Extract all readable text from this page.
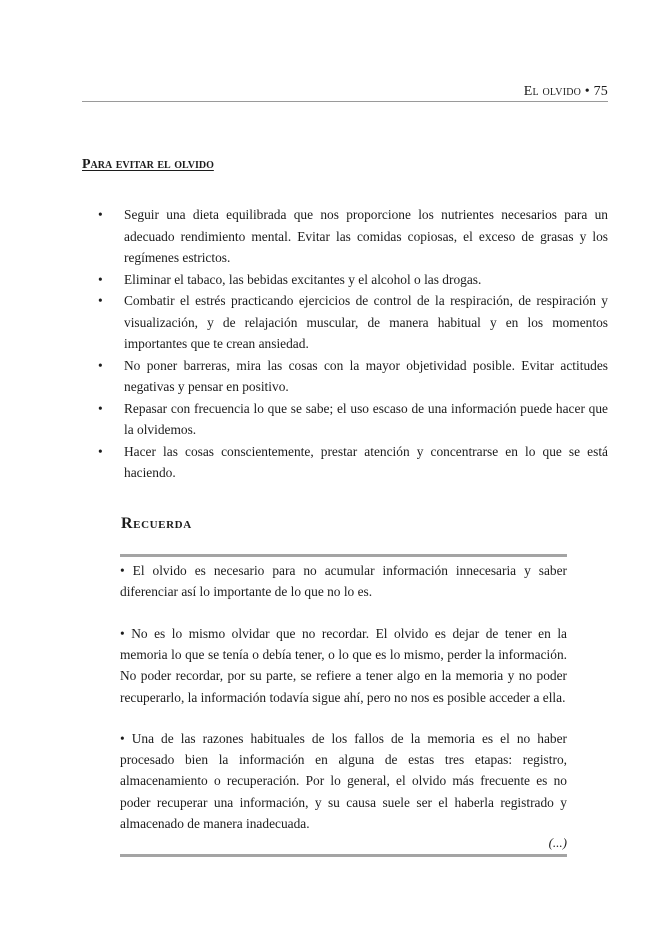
El olvido • 75
Para evitar el olvido
• Seguir una dieta equilibrada que nos proporcione los nutrientes necesarios para un adecuado rendimiento mental. Evitar las comidas copiosas, el exceso de grasas y los regímenes estrictos.
• Eliminar el tabaco, las bebidas excitantes y el alcohol o las drogas.
• Combatir el estrés practicando ejercicios de control de la respiración, de respiración y visualización, y de relajación muscular, de manera habitual y en los momentos importantes que te crean ansiedad.
• No poner barreras, mira las cosas con la mayor objetividad posible. Evitar actitudes negativas y pensar en positivo.
• Repasar con frecuencia lo que se sabe; el uso escaso de una información puede hacer que la olvidemos.
• Hacer las cosas conscientemente, prestar atención y concentrarse en lo que se está haciendo.
Recuerda
• El olvido es necesario para no acumular información innecesaria y saber diferenciar así lo importante de lo que no lo es.
• No es lo mismo olvidar que no recordar. El olvido es dejar de tener en la memoria lo que se tenía o debía tener, o lo que es lo mismo, perder la información. No poder recordar, por su parte, se refiere a tener algo en la memoria y no poder recuperarlo, la información todavía sigue ahí, pero no nos es posible acceder a ella.
• Una de las razones habituales de los fallos de la memoria es el no haber procesado bien la información en alguna de estas tres etapas: registro, almacenamiento o recuperación. Por lo general, el olvido más frecuente es no poder recuperar una información, y su causa suele ser el haberla registrado y almacenado de manera inadecuada.
(...)
